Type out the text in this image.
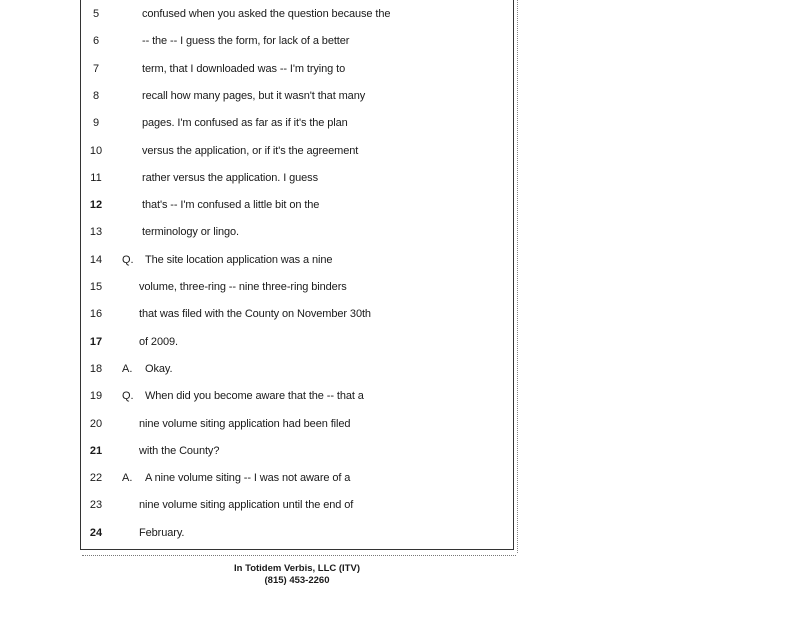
5	confused when you asked the question because the
6	-- the -- I guess the form, for lack of a better
7	term, that I downloaded was -- I'm trying to
8	recall how many pages, but it wasn't that many
9	pages. I'm confused as far as if it's the plan
10	versus the application, or if it's the agreement
11	rather versus the application. I guess
12	that's -- I'm confused a little bit on the
13	terminology or lingo.
14	Q. The site location application was a nine
15	volume, three-ring -- nine three-ring binders
16	that was filed with the County on November 30th
17	of 2009.
18	A. Okay.
19	Q. When did you become aware that the -- that a
20	nine volume siting application had been filed
21	with the County?
22	A. A nine volume siting -- I was not aware of a
23	nine volume siting application until the end of
24	February.
In Totidem Verbis, LLC (ITV)
(815) 453-2260
